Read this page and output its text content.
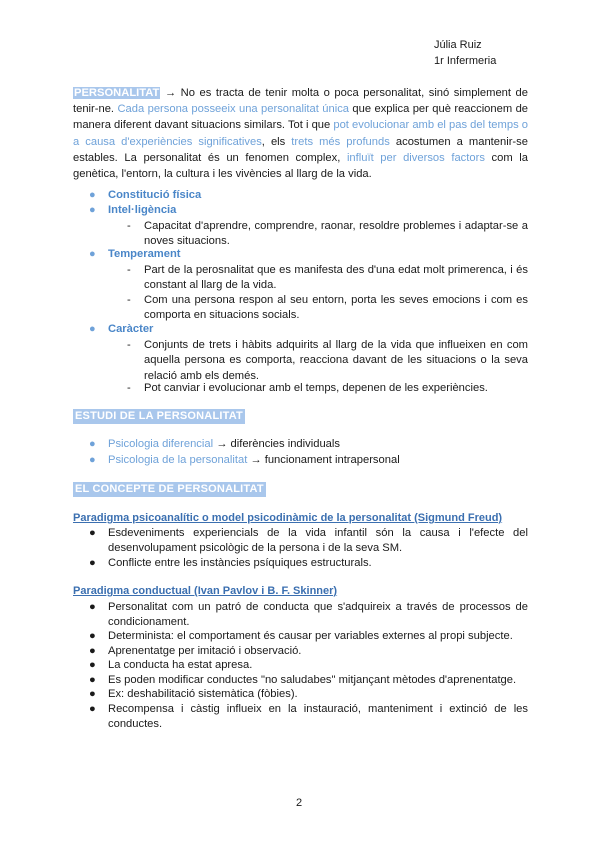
Júlia Ruiz
1r Infermeria
PERSONALITAT → No es tracta de tenir molta o poca personalitat, sinó simplement de tenir-ne. Cada persona posseeix una personalitat única que explica per què reaccionem de manera diferent davant situacions similars. Tot i que pot evolucionar amb el pas del temps o a causa d'experiències significatives, els trets més profunds acostumen a mantenir-se estables. La personalitat és un fenomen complex, influït per diversos factors com la genètica, l'entorn, la cultura i les vivències al llarg de la vida.
● Constitució física
● Intel·ligència
- Capacitat d'aprendre, comprendre, raonar, resoldre problemes i adaptar-se a noves situacions.
● Temperament
- Part de la perosnalitat que es manifesta des d'una edat molt primerenca, i és constant al llarg de la vida.
- Com una persona respon al seu entorn, porta les seves emocions i com es comporta en situacions socials.
● Caràcter
- Conjunts de trets i hàbits adquirits al llarg de la vida que influeixen en com aquella persona es comporta, reacciona davant de les situacions o la seva relació amb els demés.
- Pot canviar i evolucionar amb el temps, depenen de les experiències.
ESTUDI DE LA PERSONALITAT
● Psicologia diferencial → diferències individuals
● Psicologia de la personalitat → funcionament intrapersonal
EL CONCEPTE DE PERSONALITAT
Paradigma psicoanalític o model psicodinàmic de la personalitat (Sigmund Freud)
● Esdeveniments experiencials de la vida infantil són la causa i l'efecte del desenvolupament psicològic de la persona i de la seva SM.
● Conflicte entre les instàncies psíquiques estructurals.
Paradigma conductual (Ivan Pavlov i B. F. Skinner)
● Personalitat com un patró de conducta que s'adquireix a través de processos de condicionament.
● Determinista: el comportament és causar per variables externes al propi subjecte.
● Aprenentatge per imitació i observació.
● La conducta ha estat apresa.
● Es poden modificar conductes "no saludabes" mitjançant mètodes d'aprenentatge.
● Ex: deshabilitació sistemàtica (fòbies).
● Recompensa i càstig influeix en la instauració, manteniment i extinció de les conductes.
2
